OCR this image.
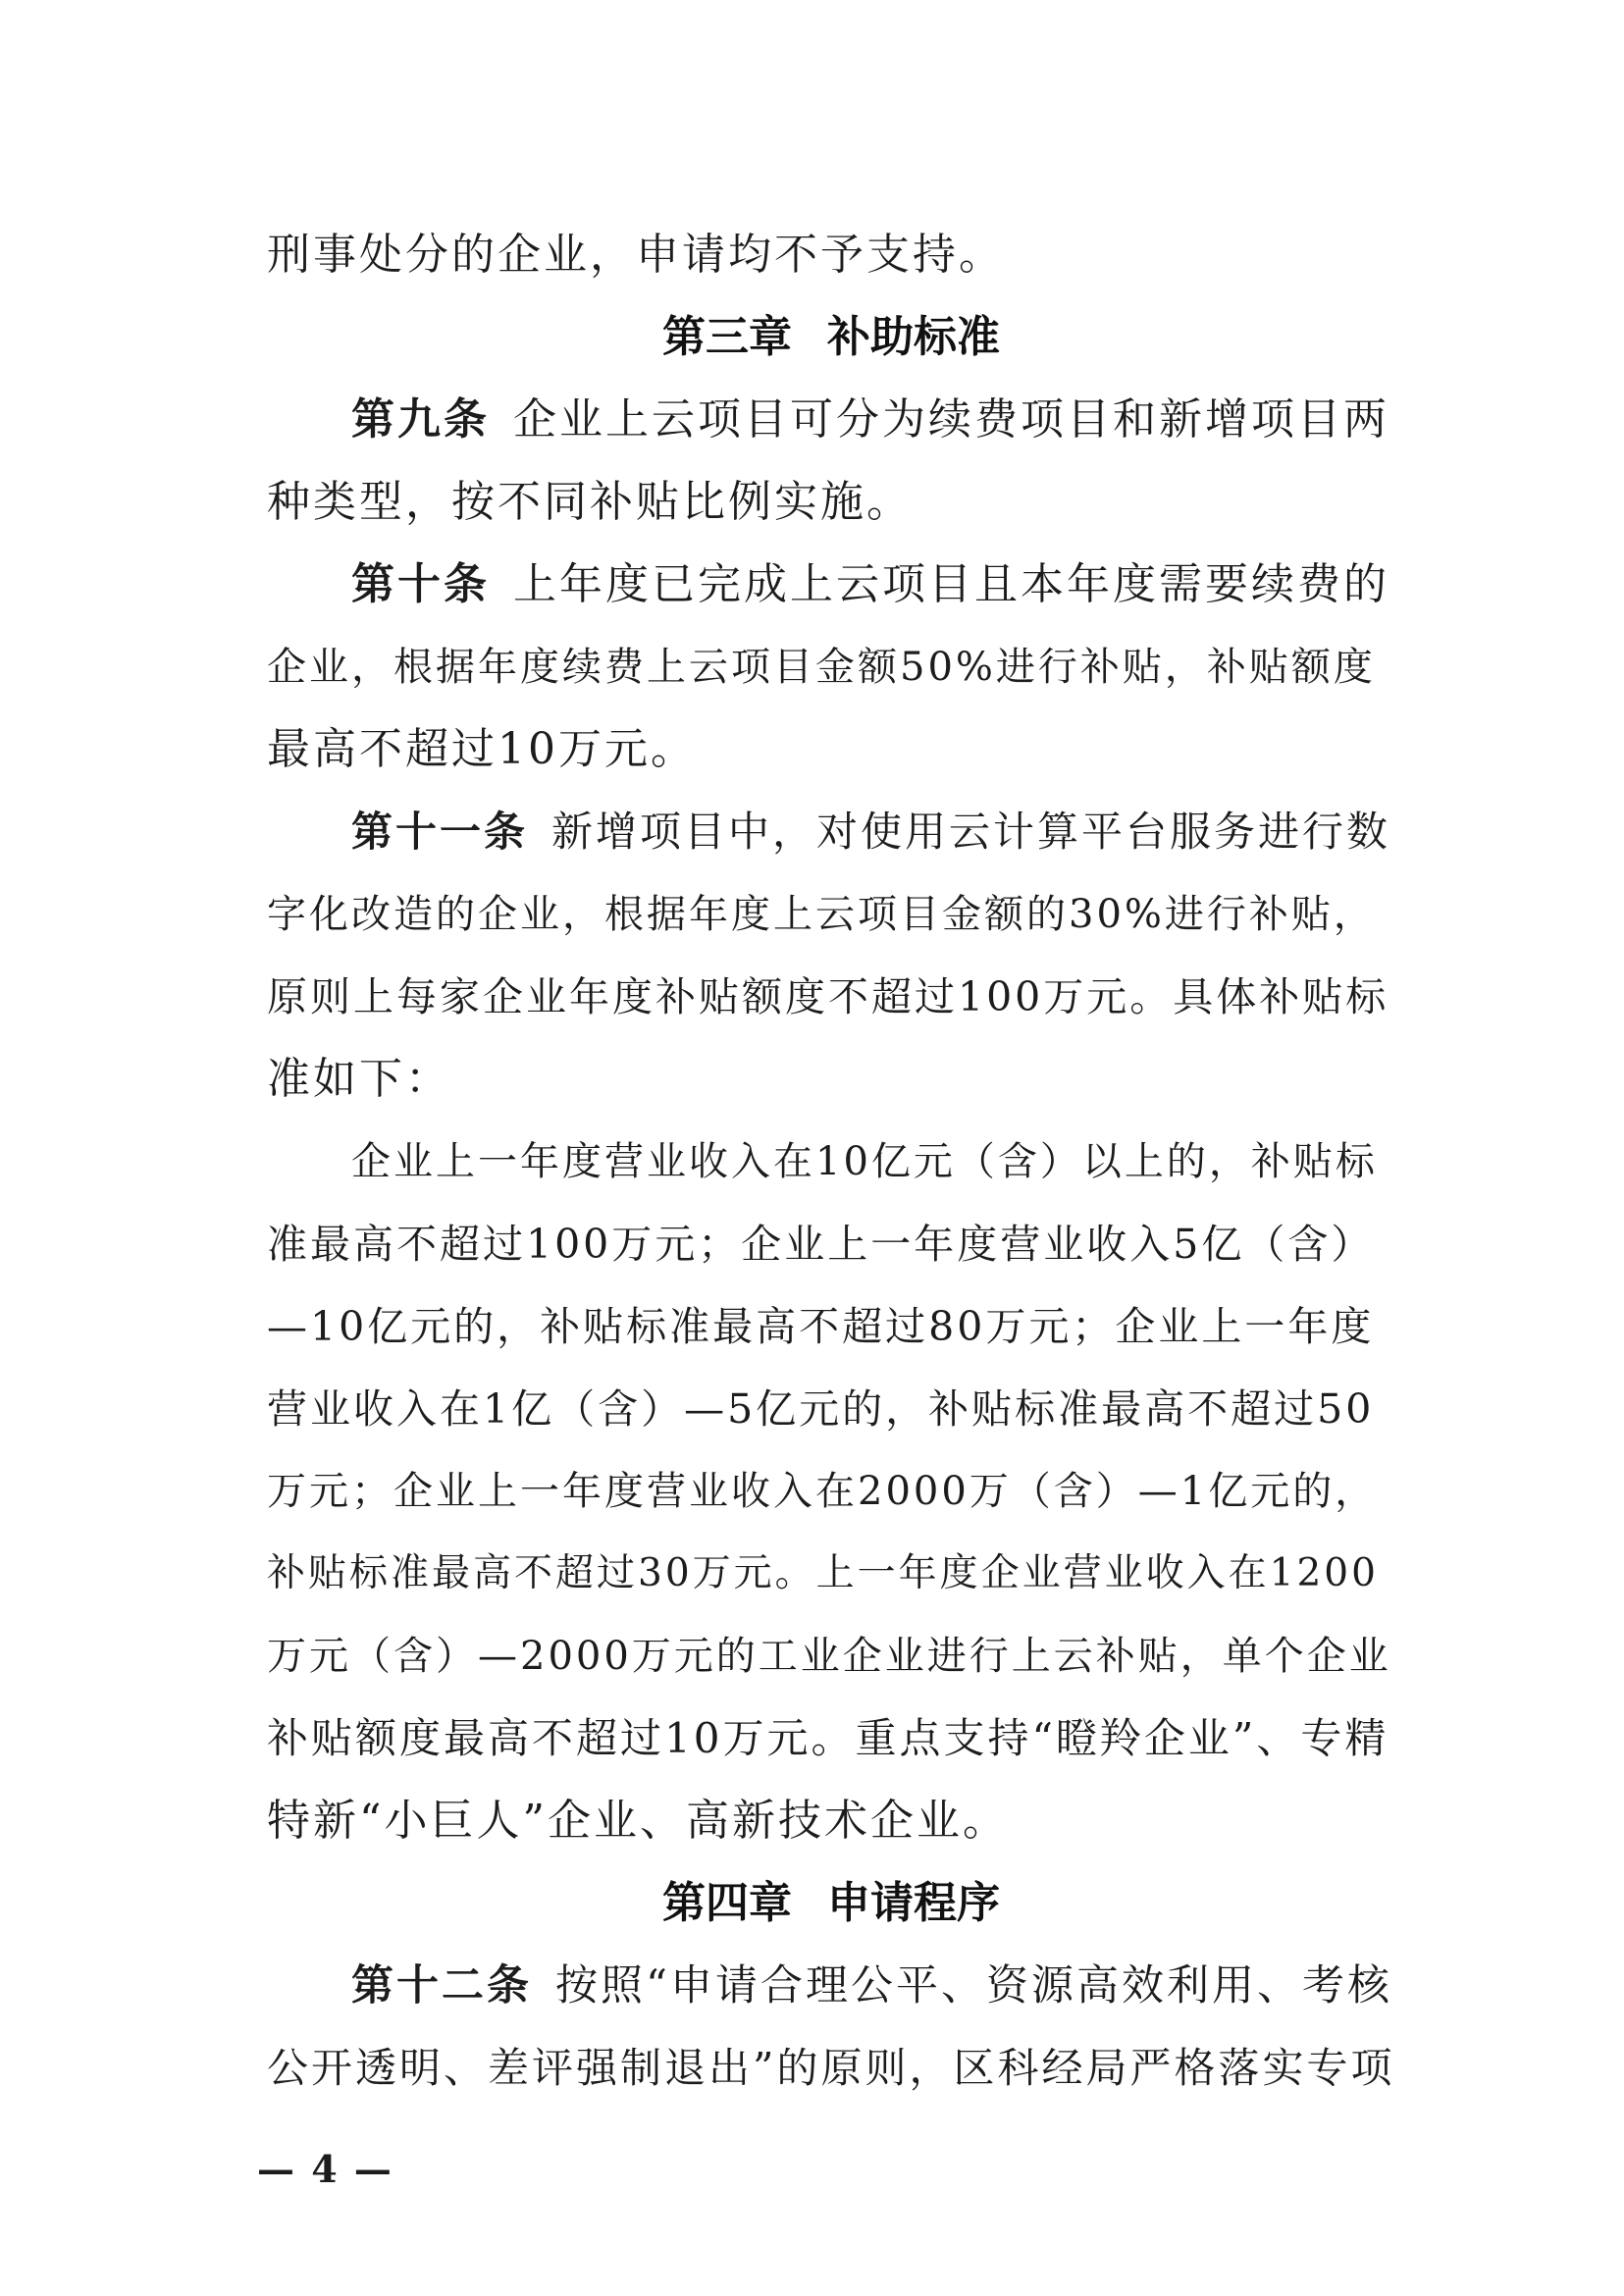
刑事处分的企业，申请均不予支持。
第三章 补助标准
第九条 企业上云项目可分为续费项目和新增项目两
种类型，按不同补贴比例实施。
第十条 上年度已完成上云项目且本年度需要续费的
企业，根据年度续费上云项目金额50%进行补贴，补贴额度
最高不超过10万元。
第十一条 新增项目中，对使用云计算平台服务进行数
字化改造的企业，根据年度上云项目金额的30%进行补贴，
原则上每家企业年度补贴额度不超过100万元。具体补贴标
准如下：
企业上一年度营业收入在10亿元（含）以上的，补贴标
准最高不超过100万元；企业上一年度营业收入5亿（含）
—10亿元的，补贴标准最高不超过80万元；企业上一年度
营业收入在1亿（含）—5亿元的，补贴标准最高不超过50
万元；企业上一年度营业收入在2000万（含）—1亿元的，
补贴标准最高不超过30万元。上一年度企业营业收入在1200
万元（含）—2000万元的工业企业进行上云补贴，单个企业
补贴额度最高不超过10万元。重点支持“瞪羚企业”、专精
特新“小巨人”企业、高新技术企业。
第四章 申请程序
第十二条 按照“申请合理公平、资源高效利用、考核
公开透明、差评强制退出”的原则，区科经局严格落实专项
— 4 —
